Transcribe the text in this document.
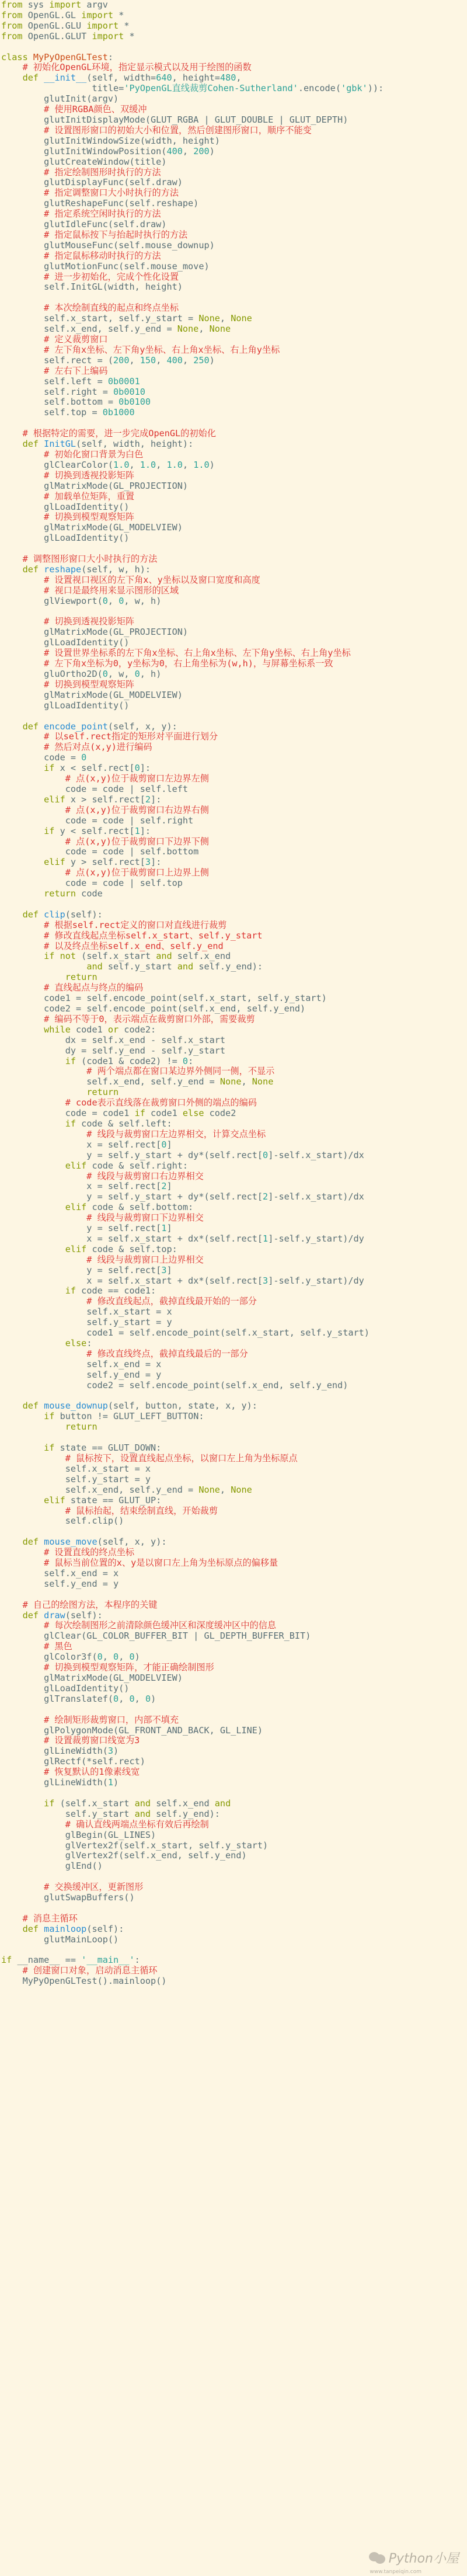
from sys import argv
from OpenGL.GL import *
from OpenGL.GLU import *
from OpenGL.GLUT import *

class MyPyOpenGLTest:
# 初始化OpenGL环境，指定显示模式以及用于绘图的函数
def __init__(self, width=640, height=480,
title='PyOpenGL直线裁剪Cohen-Sutherland'.encode('gbk')):
glutInit(argv)
# 使用RGBA颜色、双缓冲
glutInitDisplayMode(GLUT_RGBA | GLUT_DOUBLE | GLUT_DEPTH)
# 设置图形窗口的初始大小和位置，然后创建图形窗口，顺序不能变
glutInitWindowSize(width, height)
glutInitWindowPosition(400, 200)
glutCreateWindow(title)
# 指定绘制图形时执行的方法
glutDisplayFunc(self.draw)
# 指定调整窗口大小时执行的方法
glutReshapeFunc(self.reshape)
# 指定系统空闲时执行的方法
glutIdleFunc(self.draw)
# 指定鼠标按下与抬起时执行的方法
glutMouseFunc(self.mouse_downup)
# 指定鼠标移动时执行的方法
glutMotionFunc(self.mouse_move)
# 进一步初始化，完成个性化设置
self.InitGL(width, height)

# 本次绘制直线的起点和终点坐标
self.x_start, self.y_start = None, None
self.x_end, self.y_end = None, None
# 定义裁剪窗口
# 左下角x坐标、左下角y坐标、右上角x坐标、右上角y坐标
self.rect = (200, 150, 400, 250)
# 左右下上编码
self.left = 0b0001
self.right = 0b0010
self.bottom = 0b0100
self.top = 0b1000

# 根据特定的需要，进一步完成OpenGL的初始化
def InitGL(self, width, height):
# 初始化窗口背景为白色
glClearColor(1.0, 1.0, 1.0, 1.0)
# 切换到透视投影矩阵
glMatrixMode(GL_PROJECTION)
# 加载单位矩阵，重置
glLoadIdentity()
# 切换到模型观察矩阵
glMatrixMode(GL_MODELVIEW)
glLoadIdentity()

# 调整图形窗口大小时执行的方法
def reshape(self, w, h):
# 设置视口视区的左下角x、y坐标以及窗口宽度和高度
# 视口是最终用来显示图形的区域
glViewport(0, 0, w, h)

# 切换到透视投影矩阵
glMatrixMode(GL_PROJECTION)
glLoadIdentity()
# 设置世界坐标系的左下角x坐标、右上角x坐标、左下角y坐标、右上角y坐标
# 左下角x坐标为0，y坐标为0，右上角坐标为(w,h)，与屏幕坐标系一致
gluOrtho2D(0, w, 0, h)
# 切换到模型观察矩阵
glMatrixMode(GL_MODELVIEW)
glLoadIdentity()

def encode_point(self, x, y):
# 以self.rect指定的矩形对平面进行划分
# 然后对点(x,y)进行编码
code = 0
if x < self.rect[0]:
# 点(x,y)位于裁剪窗口左边界左侧
code = code | self.left
elif x > self.rect[2]:
# 点(x,y)位于裁剪窗口右边界右侧
code = code | self.right
if y < self.rect[1]:
# 点(x,y)位于裁剪窗口下边界下侧
code = code | self.bottom
elif y > self.rect[3]:
# 点(x,y)位于裁剪窗口上边界上侧
code = code | self.top
return code

def clip(self):
# 根据self.rect定义的窗口对直线进行裁剪
# 修改直线起点坐标self.x_start、self.y_start
# 以及终点坐标self.x_end、self.y_end
if not (self.x_start and self.x_end
and self.y_start and self.y_end):
return
# 直线起点与终点的编码
code1 = self.encode_point(self.x_start, self.y_start)
code2 = self.encode_point(self.x_end, self.y_end)
# 编码不等于0，表示端点在裁剪窗口外部，需要裁剪
while code1 or code2:
dx = self.x_end - self.x_start
dy = self.y_end - self.y_start
if (code1 & code2) != 0:
# 两个端点都在窗口某边界外侧同一侧，不显示
self.x_end, self.y_end = None, None
return
# code表示直线落在裁剪窗口外侧的端点的编码
code = code1 if code1 else code2
if code & self.left:
# 线段与裁剪窗口左边界相交，计算交点坐标
x = self.rect[0]
y = self.y_start + dy*(self.rect[0]-self.x_start)/dx
elif code & self.right:
# 线段与裁剪窗口右边界相交
x = self.rect[2]
y = self.y_start + dy*(self.rect[2]-self.x_start)/dx
elif code & self.bottom:
# 线段与裁剪窗口下边界相交
y = self.rect[1]
x = self.x_start + dx*(self.rect[1]-self.y_start)/dy
elif code & self.top:
# 线段与裁剪窗口上边界相交
y = self.rect[3]
x = self.x_start + dx*(self.rect[3]-self.y_start)/dy
if code == code1:
# 修改直线起点，截掉直线最开始的一部分
self.x_start = x
self.y_start = y
code1 = self.encode_point(self.x_start, self.y_start)
else:
# 修改直线终点，截掉直线最后的一部分
self.x_end = x
self.y_end = y
code2 = self.encode_point(self.x_end, self.y_end)

def mouse_downup(self, button, state, x, y):
if button != GLUT_LEFT_BUTTON:
return

if state == GLUT_DOWN:
# 鼠标按下，设置直线起点坐标，以窗口左上角为坐标原点
self.x_start = x
self.y_start = y
self.x_end, self.y_end = None, None
elif state == GLUT_UP:
# 鼠标抬起，结束绘制直线，开始裁剪
self.clip()

def mouse_move(self, x, y):
# 设置直线的终点坐标
# 鼠标当前位置的x、y是以窗口左上角为坐标原点的偏移量
self.x_end = x
self.y_end = y

# 自己的绘图方法，本程序的关键
def draw(self):
# 每次绘制图形之前清除颜色缓冲区和深度缓冲区中的信息
glClear(GL_COLOR_BUFFER_BIT | GL_DEPTH_BUFFER_BIT)
# 黑色
glColor3f(0, 0, 0)
# 切换到模型观察矩阵，才能正确绘制图形
glMatrixMode(GL_MODELVIEW)
glLoadIdentity()
glTranslatef(0, 0, 0)

# 绘制矩形裁剪窗口，内部不填充
glPolygonMode(GL_FRONT_AND_BACK, GL_LINE)
# 设置裁剪窗口线宽为3
glLineWidth(3)
glRectf(*self.rect)
# 恢复默认的1像素线宽
glLineWidth(1)

if (self.x_start and self.x_end and
self.y_start and self.y_end):
# 确认直线两端点坐标有效后再绘制
glBegin(GL_LINES)
glVertex2f(self.x_start, self.y_start)
glVertex2f(self.x_end, self.y_end)
glEnd()

# 交换缓冲区，更新图形
glutSwapBuffers()

# 消息主循环
def mainloop(self):
glutMainLoop()

if __name__ == '__main__':
# 创建窗口对象，启动消息主循环
MyPyOpenGLTest().mainloop()
Python小屋
www.tanpeiqin.com
